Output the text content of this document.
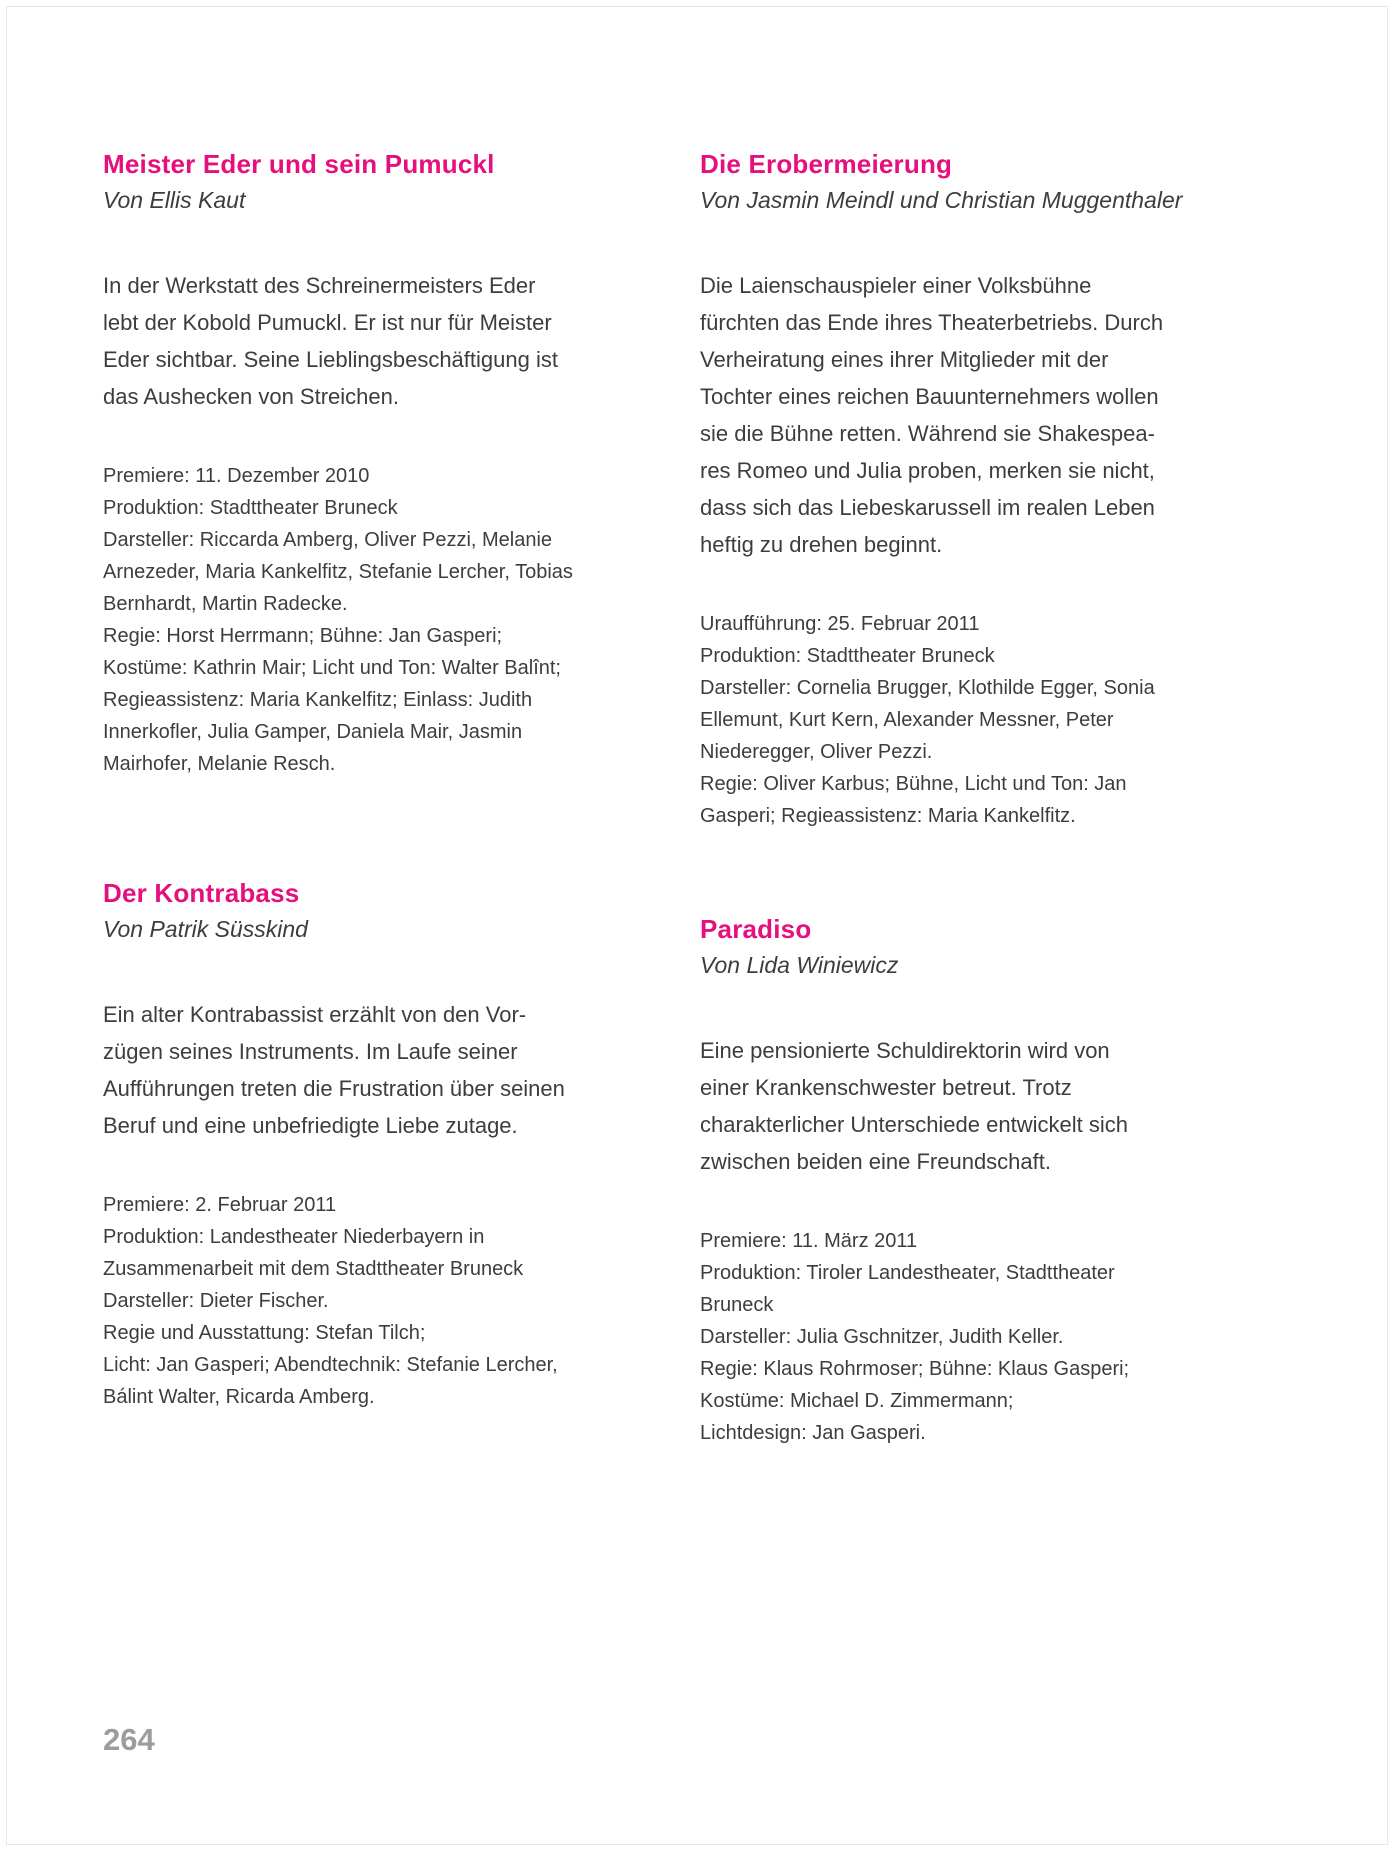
Meister Eder und sein Pumuckl

Von Ellis Kaut

In der Werkstatt des Schreinermeisters Eder
lebt der Kobold Pumuckl. Er ist nur für Meister
Eder sichtbar. Seine Lieblingsbeschäftigung ist
das Aushecken von Streichen.
Premiere: 11. Dezember 2010
Produktion: Stadttheater Bruneck
Darsteller: Riccarda Amberg, Oliver Pezzi, Melanie
Arnezeder, Maria Kankelfitz, Stefanie Lercher, Tobias
Bernhardt, Martin Radecke.
Regie: Horst Herrmann; Bühne: Jan Gasperi;
Kostüme: Kathrin Mair; Licht und Ton: Walter Balînt;
Regieassistenz: Maria Kankelfitz; Einlass: Judith
Innerkofler, Julia Gamper, Daniela Mair, Jasmin
Mairhofer, Melanie Resch.
Der Kontrabass

Von Patrik Süsskind

Ein alter Kontrabassist erzählt von den Vor-
zügen seines Instruments. Im Laufe seiner
Aufführungen treten die Frustration über seinen
Beruf und eine unbefriedigte Liebe zutage.
Premiere: 2. Februar 2011
Produktion: Landestheater Niederbayern in
Zusammenarbeit mit dem Stadttheater Bruneck
Darsteller: Dieter Fischer.
Regie und Ausstattung: Stefan Tilch;
Licht: Jan Gasperi; Abendtechnik: Stefanie Lercher,
Bálint Walter, Ricarda Amberg.
Die Erobermeierung

Von Jasmin Meindl und Christian Muggenthaler

Die Laienschauspieler einer Volksbühne
fürchten das Ende ihres Theaterbetriebs. Durch
Verheiratung eines ihrer Mitglieder mit der
Tochter eines reichen Bauunternehmers wollen
sie die Bühne retten. Während sie Shakespea-
res Romeo und Julia proben, merken sie nicht,
dass sich das Liebeskarussell im realen Leben
heftig zu drehen beginnt.
Uraufführung: 25. Februar 2011
Produktion: Stadttheater Bruneck
Darsteller: Cornelia Brugger, Klothilde Egger, Sonia
Ellemunt, Kurt Kern, Alexander Messner, Peter
Niederegger, Oliver Pezzi.
Regie: Oliver Karbus; Bühne, Licht und Ton: Jan
Gasperi; Regieassistenz: Maria Kankelfitz.
Paradiso

Von Lida Winiewicz

Eine pensionierte Schuldirektorin wird von
einer Krankenschwester betreut. Trotz
charakterlicher Unterschiede entwickelt sich
zwischen beiden eine Freundschaft.
Premiere: 11. März 2011
Produktion: Tiroler Landestheater, Stadttheater
Bruneck
Darsteller: Julia Gschnitzer, Judith Keller.
Regie: Klaus Rohrmoser; Bühne: Klaus Gasperi;
Kostüme: Michael D. Zimmermann;
Lichtdesign: Jan Gasperi.
264
